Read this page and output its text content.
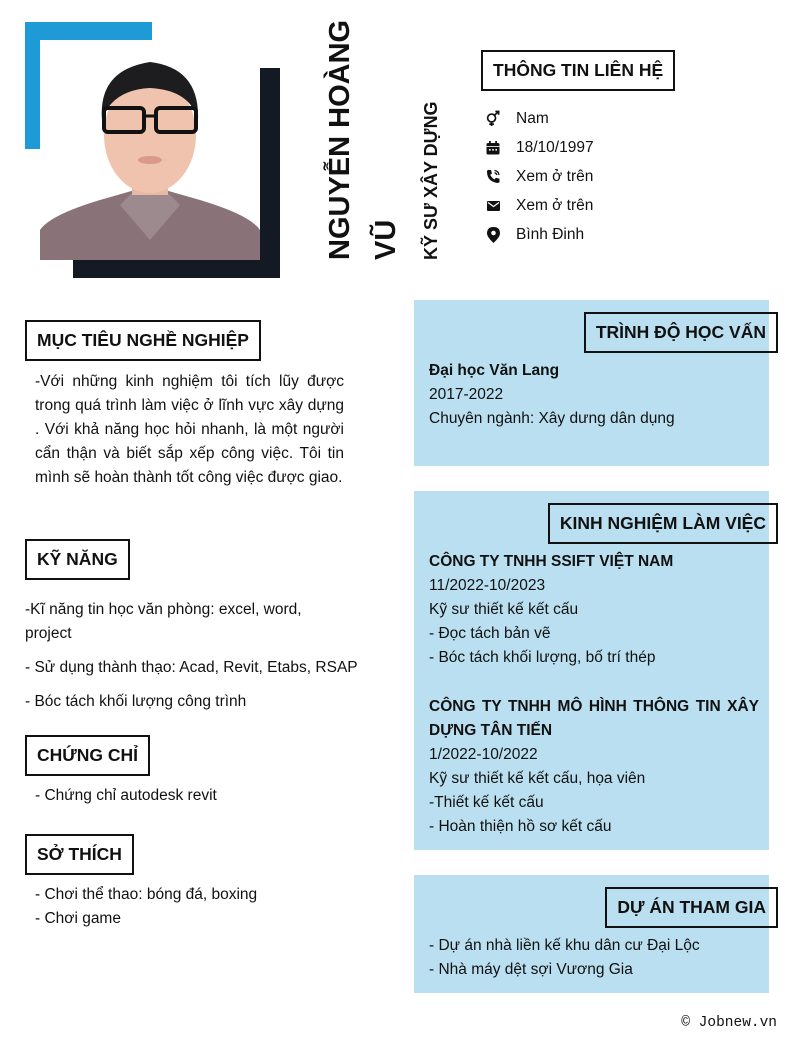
NGUYỄN HOÀNG VŨ KỸ SƯ XÂY DỰNG
THÔNG TIN LIÊN HỆ
Nam
18/10/1997
Xem ở trên
Xem ở trên
Bình Đinh
MỤC TIÊU NGHỀ NGHIỆP
-Với những kinh nghiệm tôi tích lũy được trong quá trình làm việc ở lĩnh vực xây dựng . Với khả năng học hỏi nhanh, là một người cẩn thận và biết sắp xếp công việc. Tôi tin mình sẽ hoàn thành tốt công việc được giao.
KỸ NĂNG
-Kĩ năng tin học văn phòng: excel, word, project
- Sử dụng thành thạo: Acad, Revit, Etabs, RSAP
- Bóc tách khối lượng công trình
CHỨNG CHỈ
- Chứng chỉ autodesk revit
SỞ THÍCH
- Chơi thể thao: bóng đá, boxing
- Chơi game
TRÌNH ĐỘ HỌC VẤN
Đại học Văn Lang
2017-2022
Chuyên ngành: Xây dưng dân dụng
KINH NGHIỆM LÀM VIỆC
CÔNG TY TNHH SSIFT VIỆT NAM
11/2022-10/2023
Kỹ sư thiết kế kết cấu
- Đọc tách bản vẽ
- Bóc tách khối lượng, bố trí thép
CÔNG TY TNHH MÔ HÌNH THÔNG TIN XÂY
DỰNG TÂN TIẾN
1/2022-10/2022
Kỹ sư thiết kế kết cấu, họa viên
-Thiết kế kết cấu
- Hoàn thiện hồ sơ kết cấu
DỰ ÁN THAM GIA
- Dự án nhà liền kế khu dân cư Đại Lộc
- Nhà máy dệt sợi Vương Gia
© Jobnew.vn
